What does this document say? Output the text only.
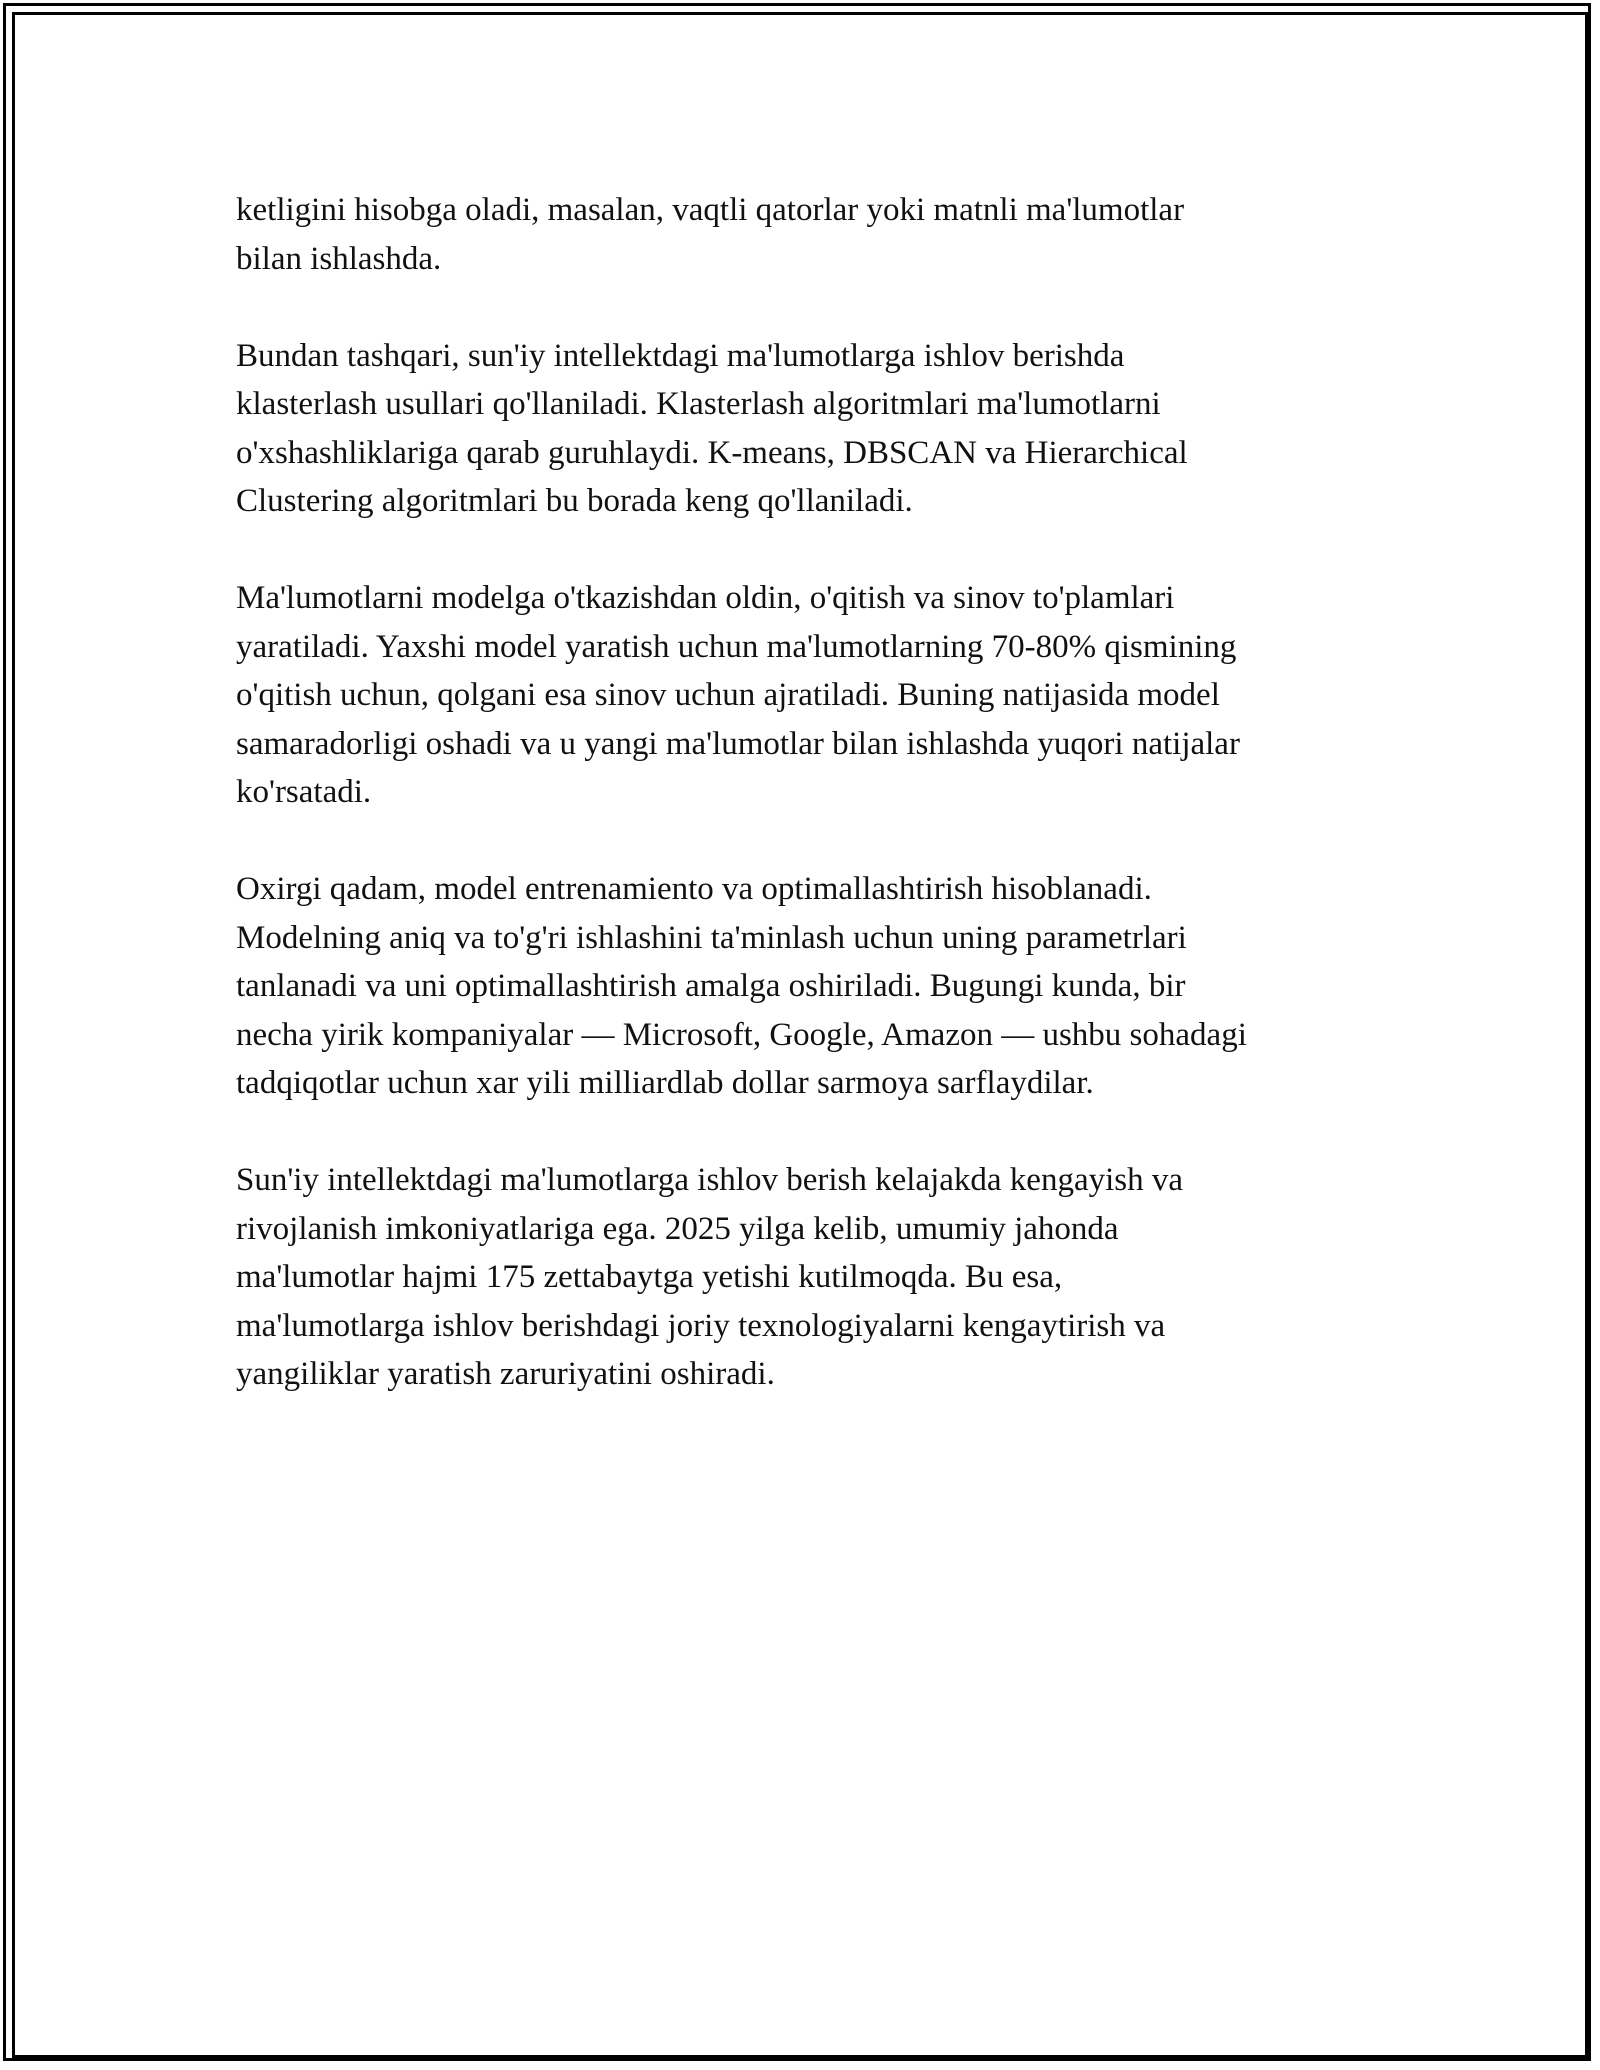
ketligini hisobga oladi, masalan, vaqtli qatorlar yoki matnli ma'lumotlar
bilan ishlashda.

Bundan tashqari, sun'iy intellektdagi ma'lumotlarga ishlov berishda
klasterlash usullari qo'llaniladi. Klasterlash algoritmlari ma'lumotlarni
o'xshashliklariga qarab guruhlaydi. K-means, DBSCAN va Hierarchical
Clustering algoritmlari bu borada keng qo'llaniladi.

Ma'lumotlarni modelga o'tkazishdan oldin, o'qitish va sinov to'plamlari
yaratiladi. Yaxshi model yaratish uchun ma'lumotlarning 70-80% qismining
o'qitish uchun, qolgani esa sinov uchun ajratiladi. Buning natijasida model
samaradorligi oshadi va u yangi ma'lumotlar bilan ishlashda yuqori natijalar
ko'rsatadi.

Oxirgi qadam, model entrenamiento va optimallashtirish hisoblanadi.
Modelning aniq va to'g'ri ishlashini ta'minlash uchun uning parametrlari
tanlanadi va uni optimallashtirish amalga oshiriladi. Bugungi kunda, bir
necha yirik kompaniyalar — Microsoft, Google, Amazon — ushbu sohadagi
tadqiqotlar uchun xar yili milliardlab dollar sarmoya sarflaydilar.

Sun'iy intellektdagi ma'lumotlarga ishlov berish kelajakda kengayish va
rivojlanish imkoniyatlariga ega. 2025 yilga kelib, umumiy jahonda
ma'lumotlar hajmi 175 zettabaytga yetishi kutilmoqda. Bu esa,
ma'lumotlarga ishlov berishdagi joriy texnologiyalarni kengaytirish va
yangiliklar yaratish zaruriyatini oshiradi.
